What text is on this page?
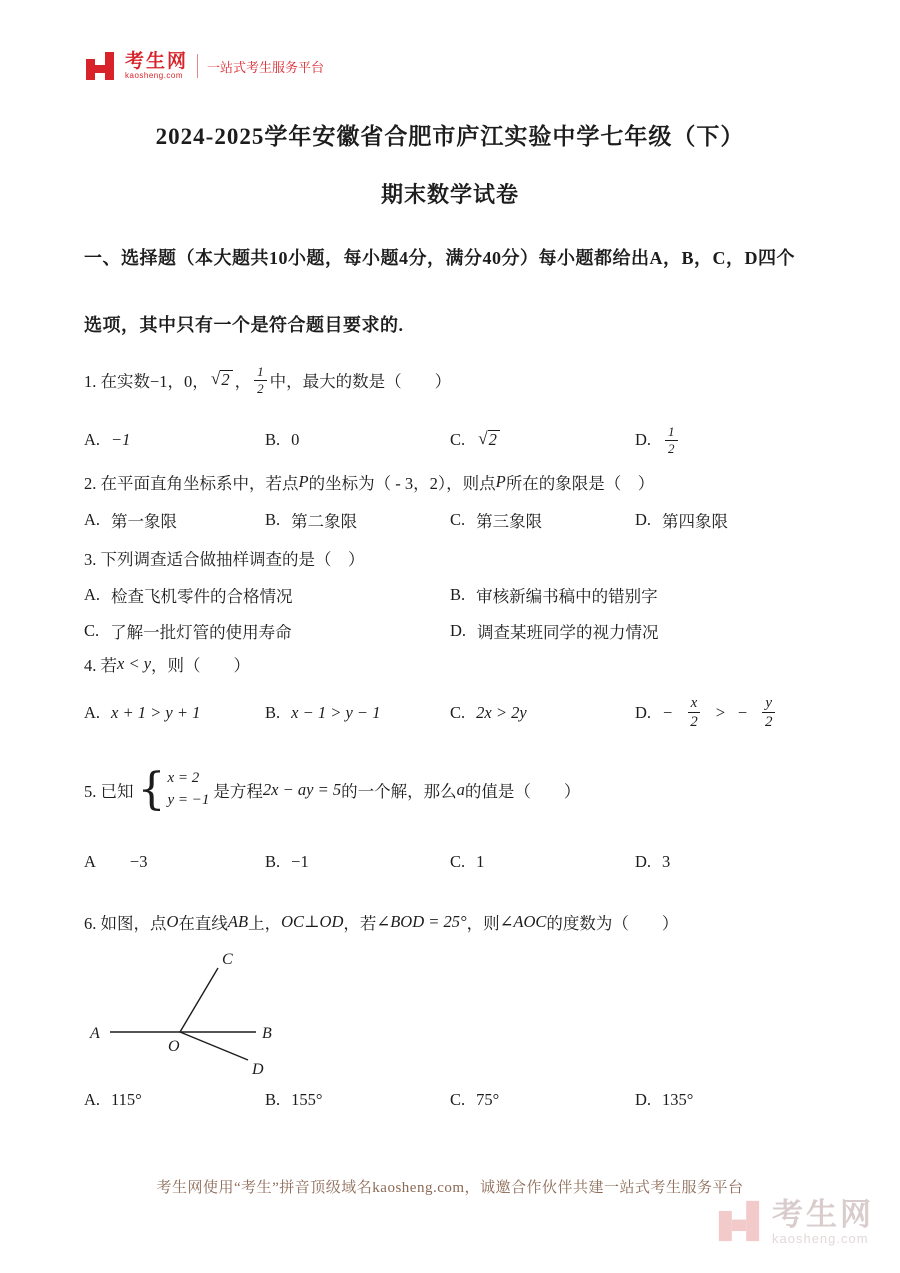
考生网
kaosheng.com
一站式考生服务平台
2024-2025学年安徽省合肥市庐江实验中学七年级（下）
期末数学试卷
一、选择题（本大题共10小题，每小题4分，满分40分）每小题都给出A，B，C，D四个
选项，其中只有一个是符合题目要求的.
1. 在实数−1，0， √ 2 ， $\frac{1}{2}$ 中，最大的数是（　　）
A. −1	B. 0	C. √ 2	D. $\frac{1}{2}$
2. 在平面直角坐标系中，若点 P 的坐标为（ - 3，2），则点 P 所在的象限是（　）
A. 第一象限	B. 第二象限	C. 第三象限	D. 第四象限
3. 下列调查适合做抽样调查的是（　）
A. 检查飞机零件的合格情况	B. 审核新编书稿中的错别字
C. 了解一批灯管的使用寿命	D. 调查某班同学的视力情况
4. 若 x < y ，则（　　）
A. x + 1 > y + 1	B. x − 1 > y − 1	C. 2x > 2y	D. − $\frac{x}{2}$ > − $\frac{y}{2}$
5. 已知 { x = 2
y = −1 是方程 2x − ay = 5 的一个解，那么 a 的值是（　　）
A −3	B. −1	C. 1	D. 3
6. 如图，点 O 在直线 AB 上， OC⊥OD ，若 ∠BOD = 25° ，则 ∠AOC 的度数为（　　）
A	B
O
C
D
A. 115°	B. 155°	C. 75°	D. 135°
考生网使用“考生”拼音顶级域名kaosheng.com，诚邀合作伙伴共建一站式考生服务平台
考生网
kaosheng.com
